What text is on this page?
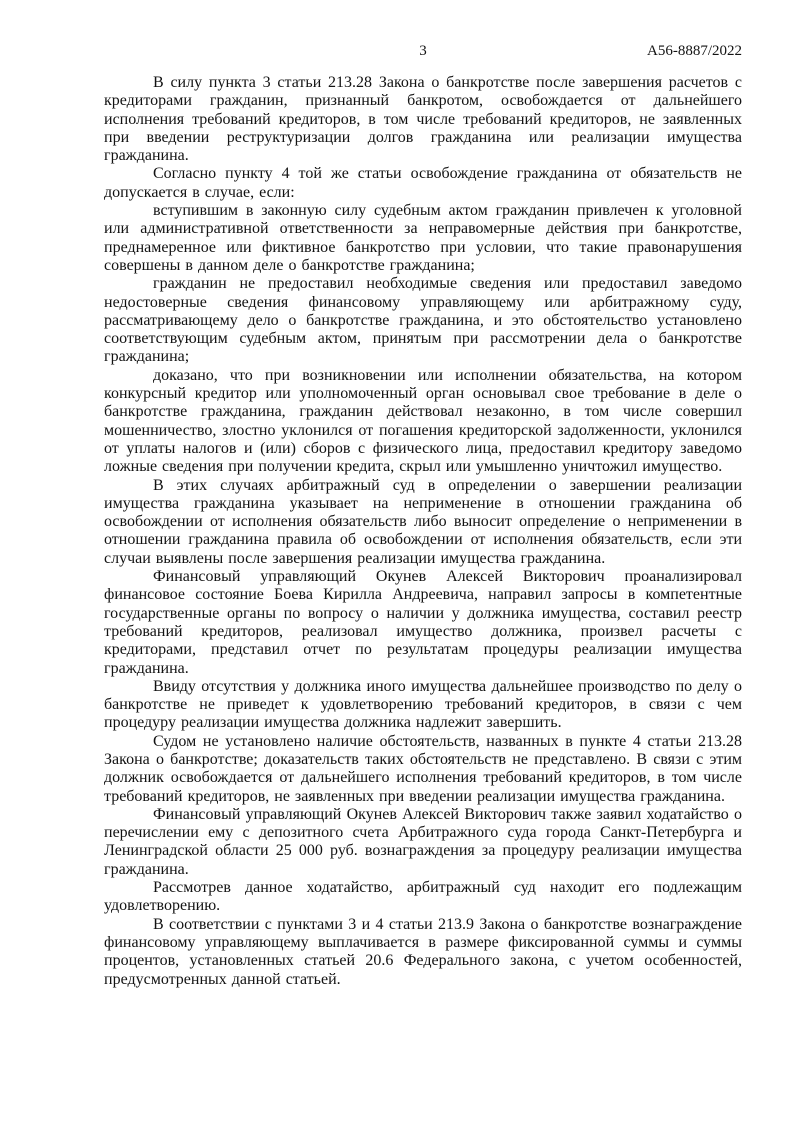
3	А56-8887/2022

В силу пункта 3 статьи 213.28 Закона о банкротстве после завершения расчетов с кредиторами гражданин, признанный банкротом, освобождается от дальнейшего исполнения требований кредиторов, в том числе требований кредиторов, не заявленных при введении реструктуризации долгов гражданина или реализации имущества гражданина.

Согласно пункту 4 той же статьи освобождение гражданина от обязательств не допускается в случае, если:

вступившим в законную силу судебным актом гражданин привлечен к уголовной или административной ответственности за неправомерные действия при банкротстве, преднамеренное или фиктивное банкротство при условии, что такие правонарушения совершены в данном деле о банкротстве гражданина;

гражданин не предоставил необходимые сведения или предоставил заведомо недостоверные сведения финансовому управляющему или арбитражному суду, рассматривающему дело о банкротстве гражданина, и это обстоятельство установлено соответствующим судебным актом, принятым при рассмотрении дела о банкротстве гражданина;

доказано, что при возникновении или исполнении обязательства, на котором конкурсный кредитор или уполномоченный орган основывал свое требование в деле о банкротстве гражданина, гражданин действовал незаконно, в том числе совершил мошенничество, злостно уклонился от погашения кредиторской задолженности, уклонился от уплаты налогов и (или) сборов с физического лица, предоставил кредитору заведомо ложные сведения при получении кредита, скрыл или умышленно уничтожил имущество.

В этих случаях арбитражный суд в определении о завершении реализации имущества гражданина указывает на неприменение в отношении гражданина об освобождении от исполнения обязательств либо выносит определение о неприменении в отношении гражданина правила об освобождении от исполнения обязательств, если эти случаи выявлены после завершения реализации имущества гражданина.

Финансовый управляющий Окунев Алексей Викторович проанализировал финансовое состояние Боева Кирилла Андреевича, направил запросы в компетентные государственные органы по вопросу о наличии у должника имущества, составил реестр требований кредиторов, реализовал имущество должника, произвел расчеты с кредиторами, представил отчет по результатам процедуры реализации имущества гражданина.

Ввиду отсутствия у должника иного имущества дальнейшее производство по делу о банкротстве не приведет к удовлетворению требований кредиторов, в связи с чем процедуру реализации имущества должника надлежит завершить.

Судом не установлено наличие обстоятельств, названных в пункте 4 статьи 213.28 Закона о банкротстве; доказательств таких обстоятельств не представлено. В связи с этим должник освобождается от дальнейшего исполнения требований кредиторов, в том числе требований кредиторов, не заявленных при введении реализации имущества гражданина.

Финансовый управляющий Окунев Алексей Викторович также заявил ходатайство о перечислении ему с депозитного счета Арбитражного суда города Санкт-Петербурга и Ленинградской области 25 000 руб. вознаграждения за процедуру реализации имущества гражданина.

Рассмотрев данное ходатайство, арбитражный суд находит его подлежащим удовлетворению.

В соответствии с пунктами 3 и 4 статьи 213.9 Закона о банкротстве вознаграждение финансовому управляющему выплачивается в размере фиксированной суммы и суммы процентов, установленных статьей 20.6 Федерального закона, с учетом особенностей, предусмотренных данной статьей.
